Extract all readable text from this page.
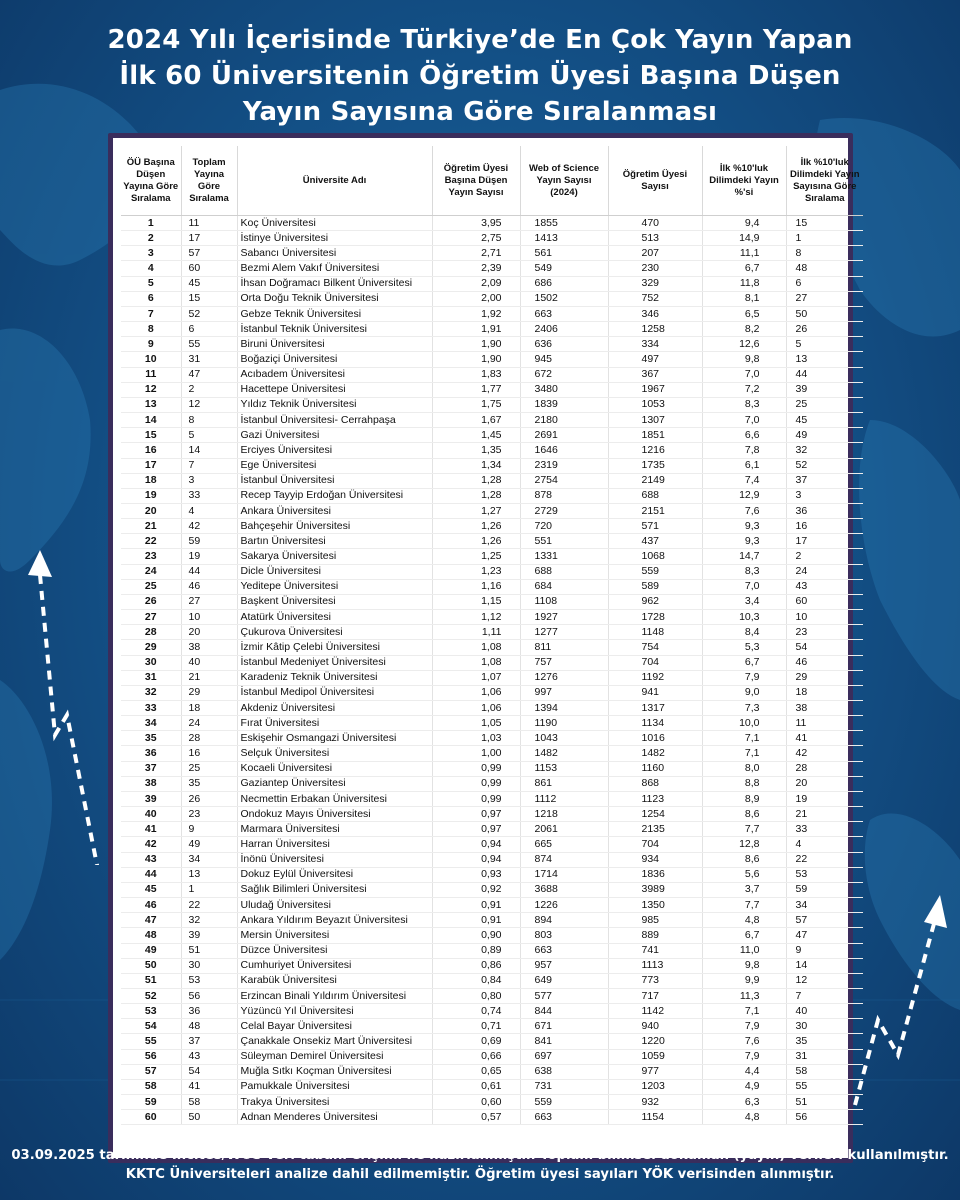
2024 Yılı İçerisinde Türkiye’de En Çok Yayın Yapan
İlk 60 Üniversitenin Öğretim Üyesi Başına Düşen
Yayın Sayısına Göre Sıralanması
ÖÜ Başına Düşen Yayına Göre Sıralama	Toplam Yayına Göre Sıralama	Üniversite Adı	Öğretim Üyesi Başına Düşen Yayın Sayısı	Web of Science Yayın Sayısı (2024)	Öğretim Üyesi Sayısı	İlk %10'luk Dilimdeki Yayın %'si	İlk %10'luk Dilimdeki Yayın Sayısına Göre Sıralama
1	11	Koç Üniversitesi	3,95	1855	470	9,4	15
2	17	İstinye Üniversitesi	2,75	1413	513	14,9	1
3	57	Sabancı Üniversitesi	2,71	561	207	11,1	8
4	60	Bezmi Alem Vakıf Üniversitesi	2,39	549	230	6,7	48
5	45	İhsan Doğramacı Bilkent Üniversitesi	2,09	686	329	11,8	6
6	15	Orta Doğu Teknik Üniversitesi	2,00	1502	752	8,1	27
7	52	Gebze Teknik Üniversitesi	1,92	663	346	6,5	50
8	6	İstanbul Teknik Üniversitesi	1,91	2406	1258	8,2	26
9	55	Biruni Üniversitesi	1,90	636	334	12,6	5
10	31	Boğaziçi Üniversitesi	1,90	945	497	9,8	13
11	47	Acıbadem Üniversitesi	1,83	672	367	7,0	44
12	2	Hacettepe Üniversitesi	1,77	3480	1967	7,2	39
13	12	Yıldız Teknik Üniversitesi	1,75	1839	1053	8,3	25
14	8	İstanbul Üniversitesi- Cerrahpaşa	1,67	2180	1307	7,0	45
15	5	Gazi Üniversitesi	1,45	2691	1851	6,6	49
16	14	Erciyes Üniversitesi	1,35	1646	1216	7,8	32
17	7	Ege Üniversitesi	1,34	2319	1735	6,1	52
18	3	İstanbul Üniversitesi	1,28	2754	2149	7,4	37
19	33	Recep Tayyip Erdoğan Üniversitesi	1,28	878	688	12,9	3
20	4	Ankara Üniversitesi	1,27	2729	2151	7,6	36
21	42	Bahçeşehir Üniversitesi	1,26	720	571	9,3	16
22	59	Bartın Üniversitesi	1,26	551	437	9,3	17
23	19	Sakarya Üniversitesi	1,25	1331	1068	14,7	2
24	44	Dicle Üniversitesi	1,23	688	559	8,3	24
25	46	Yeditepe Üniversitesi	1,16	684	589	7,0	43
26	27	Başkent Üniversitesi	1,15	1108	962	3,4	60
27	10	Atatürk Üniversitesi	1,12	1927	1728	10,3	10
28	20	Çukurova Üniversitesi	1,11	1277	1148	8,4	23
29	38	İzmir Kâtip Çelebi Üniversitesi	1,08	811	754	5,3	54
30	40	İstanbul Medeniyet Üniversitesi	1,08	757	704	6,7	46
31	21	Karadeniz Teknik Üniversitesi	1,07	1276	1192	7,9	29
32	29	İstanbul Medipol Üniversitesi	1,06	997	941	9,0	18
33	18	Akdeniz Üniversitesi	1,06	1394	1317	7,3	38
34	24	Fırat Üniversitesi	1,05	1190	1134	10,0	11
35	28	Eskişehir Osmangazi Üniversitesi	1,03	1043	1016	7,1	41
36	16	Selçuk Üniversitesi	1,00	1482	1482	7,1	42
37	25	Kocaeli Üniversitesi	0,99	1153	1160	8,0	28
38	35	Gaziantep Üniversitesi	0,99	861	868	8,8	20
39	26	Necmettin Erbakan Üniversitesi	0,99	1112	1123	8,9	19
40	23	Ondokuz Mayıs Üniversitesi	0,97	1218	1254	8,6	21
41	9	Marmara Üniversitesi	0,97	2061	2135	7,7	33
42	49	Harran Üniversitesi	0,94	665	704	12,8	4
43	34	İnönü Üniversitesi	0,94	874	934	8,6	22
44	13	Dokuz Eylül Üniversitesi	0,93	1714	1836	5,6	53
45	1	Sağlık Bilimleri Üniversitesi	0,92	3688	3989	3,7	59
46	22	Uludağ Üniversitesi	0,91	1226	1350	7,7	34
47	32	Ankara Yıldırım Beyazıt Üniversitesi	0,91	894	985	4,8	57
48	39	Mersin Üniversitesi	0,90	803	889	6,7	47
49	51	Düzce Üniversitesi	0,89	663	741	11,0	9
50	30	Cumhuriyet Üniversitesi	0,86	957	1113	9,8	14
51	53	Karabük Üniversitesi	0,84	649	773	9,9	12
52	56	Erzincan Binali Yıldırım Üniversitesi	0,80	577	717	11,3	7
53	36	Yüzüncü Yıl Üniversitesi	0,74	844	1142	7,1	40
54	48	Celal Bayar Üniversitesi	0,71	671	940	7,9	30
55	37	Çanakkale Onsekiz Mart Üniversitesi	0,69	841	1220	7,6	35
56	43	Süleyman Demirel Üniversitesi	0,66	697	1059	7,9	31
57	54	Muğla Sıtkı Koçman Üniversitesi	0,65	638	977	4,4	58
58	41	Pamukkale Üniversitesi	0,61	731	1203	4,9	55
59	58	Trakya Üniversitesi	0,60	559	932	6,3	51
60	50	Adnan Menderes Üniversitesi	0,57	663	1154	4,8	56
03.09.2025 tarihinde Incites/WOS veri tabanı erişimi ile hazırlanmıştır. Toplam bilimsel döküman (yayın) verileri kullanılmıştır.
KKTC Üniversiteleri analize dahil edilmemiştir. Öğretim üyesi sayıları YÖK verisinden alınmıştır.
